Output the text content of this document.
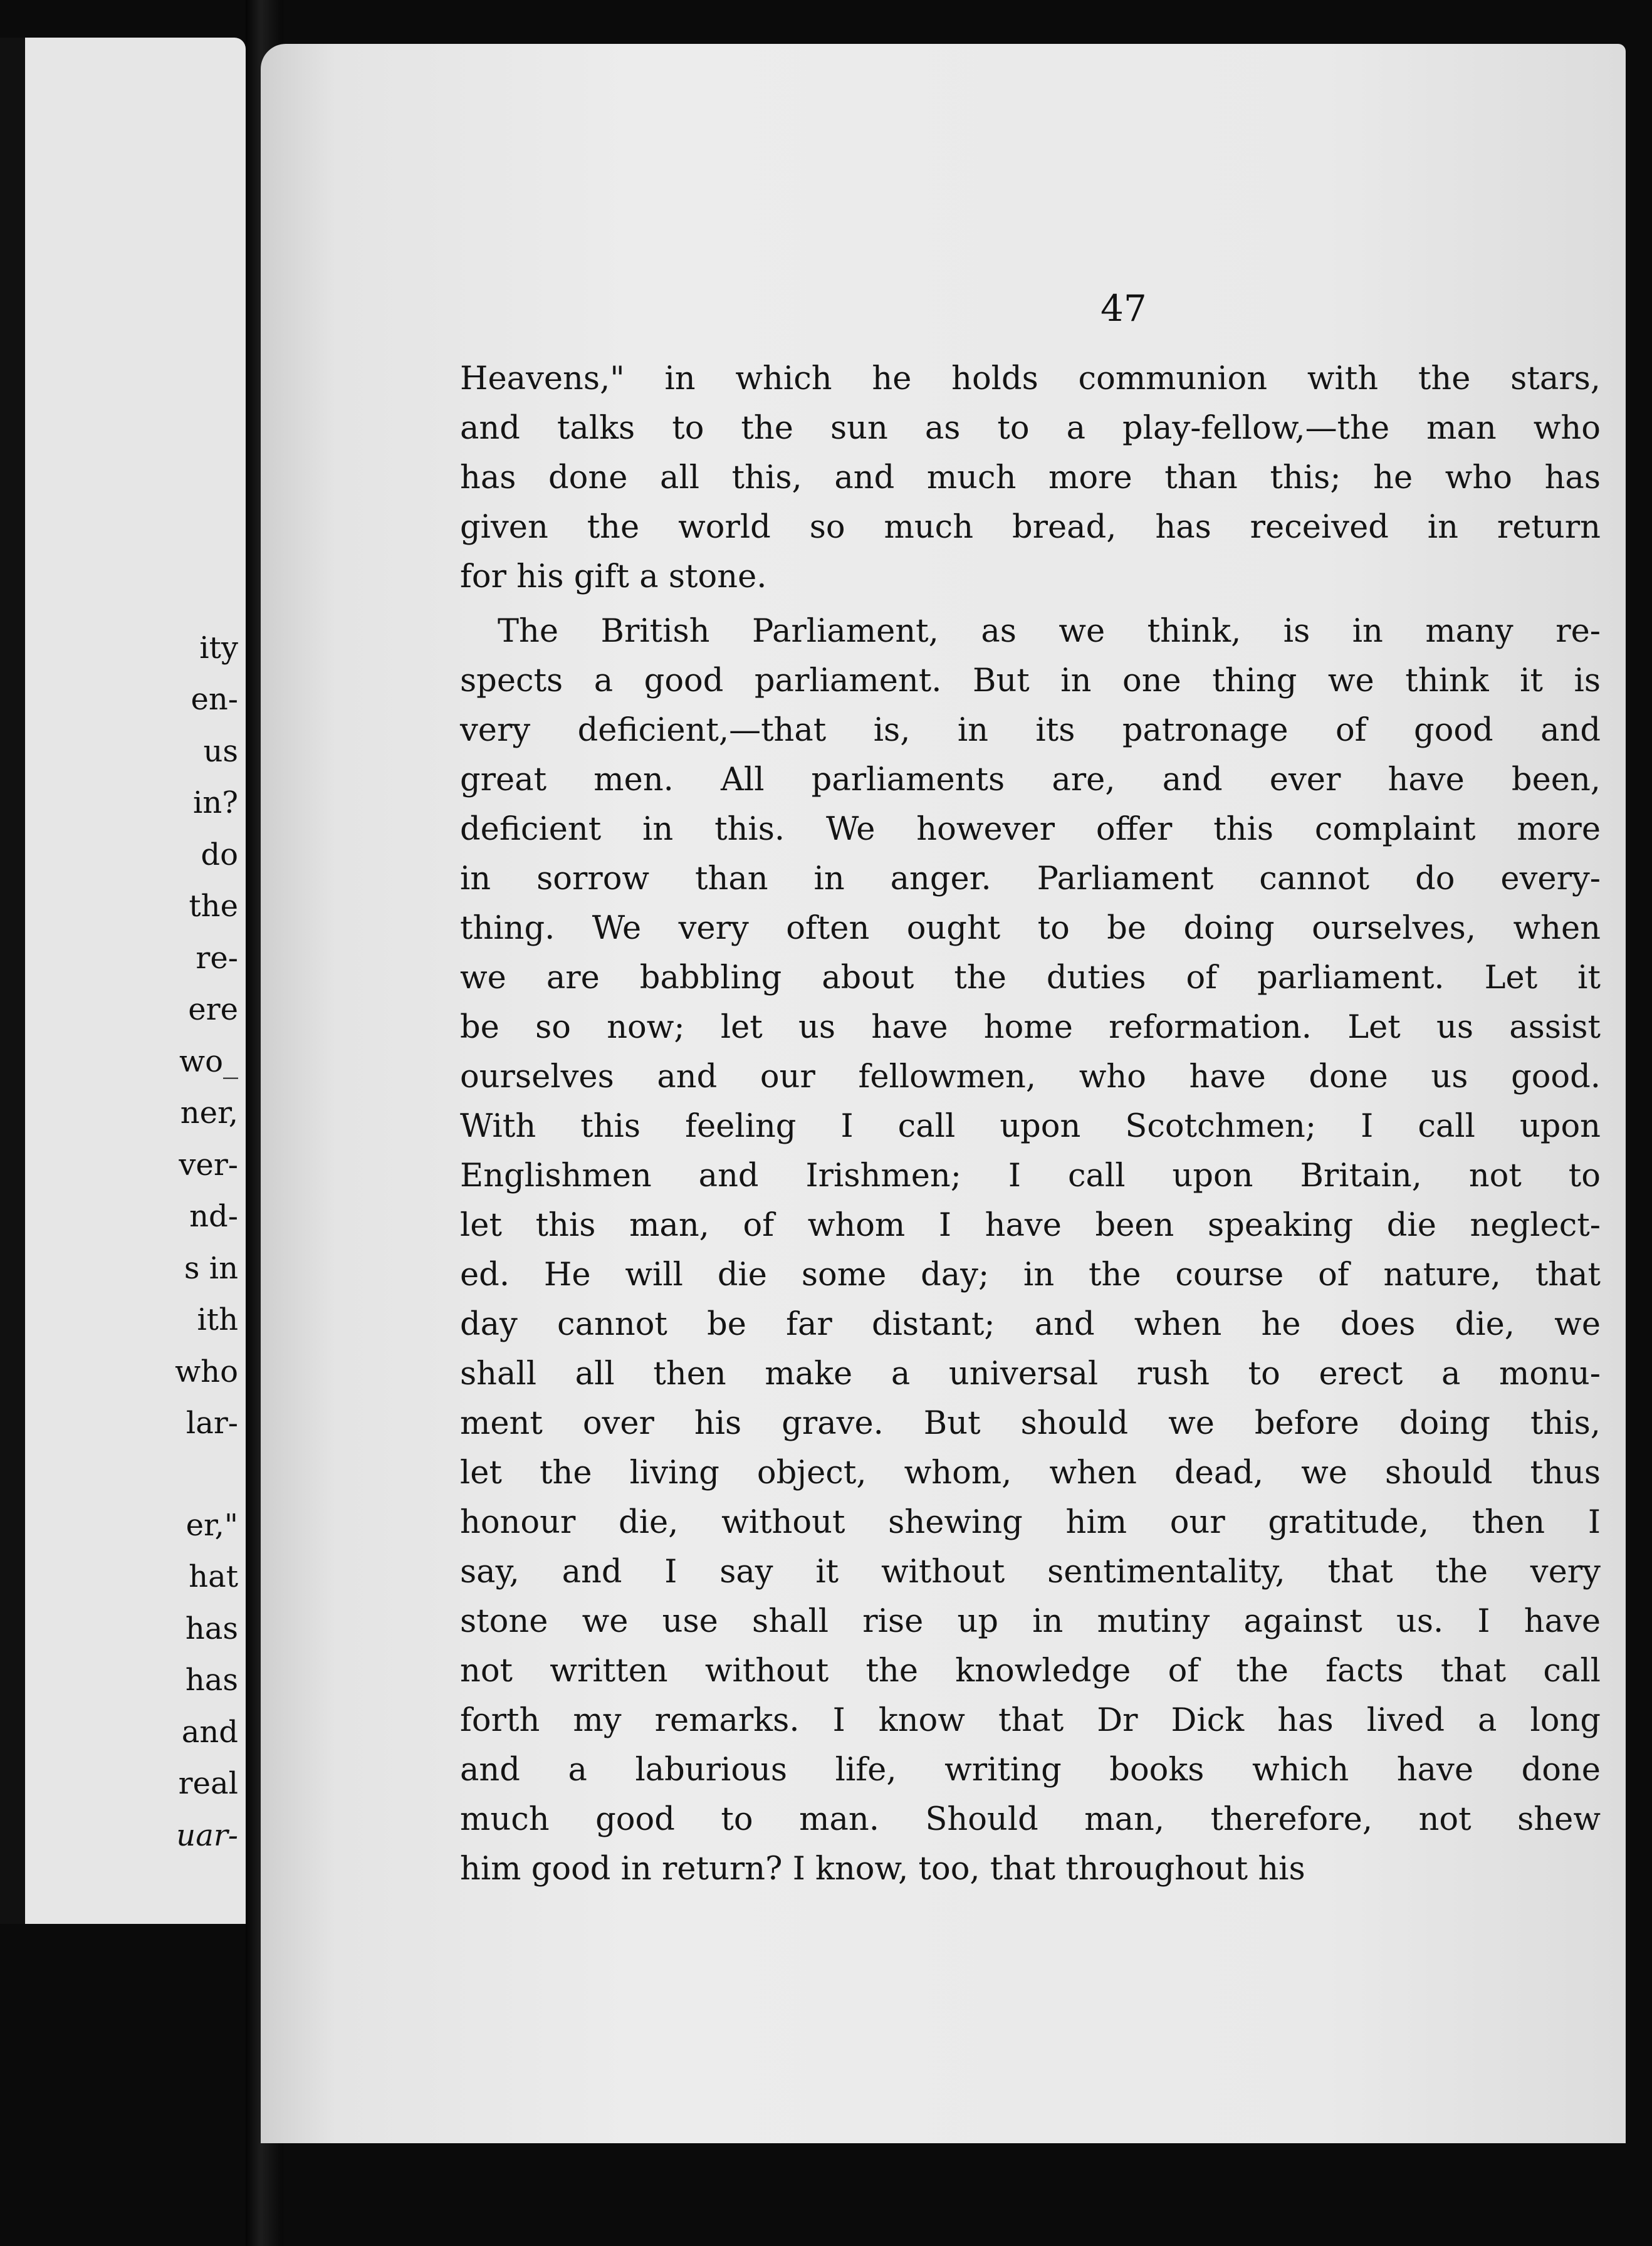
ity
en-
us
in?
do
the
re-
ere
wo_
ner,
ver-
nd-
s in
ith
who
lar-
er,"
hat
has
has
and
real
uar-
47
Heavens," in which he holds communion with the stars,
and talks to the sun as to a play-fellow,—the man who
has done all this, and much more than this; he who has
given the world so much bread, has received in return
for his gift a stone.
The British Parliament, as we think, is in many re-
spects a good parliament. But in one thing we think it is
very deficient,—that is, in its patronage of good and
great men. All parliaments are, and ever have been,
deficient in this. We however offer this complaint more
in sorrow than in anger. Parliament cannot do every-
thing. We very often ought to be doing ourselves, when
we are babbling about the duties of parliament. Let it
be so now; let us have home reformation. Let us assist
ourselves and our fellowmen, who have done us good.
With this feeling I call upon Scotchmen; I call upon
Englishmen and Irishmen; I call upon Britain, not to
let this man, of whom I have been speaking die neglect-
ed. He will die some day; in the course of nature, that
day cannot be far distant; and when he does die, we
shall all then make a universal rush to erect a monu-
ment over his grave. But should we before doing this,
let the living object, whom, when dead, we should thus
honour die, without shewing him our gratitude, then I
say, and I say it without sentimentality, that the very
stone we use shall rise up in mutiny against us. I have
not written without the knowledge of the facts that call
forth my remarks. I know that Dr Dick has lived a long
and a laburious life, writing books which have done
much good to man. Should man, therefore, not shew
him good in return? I know, too, that throughout his
